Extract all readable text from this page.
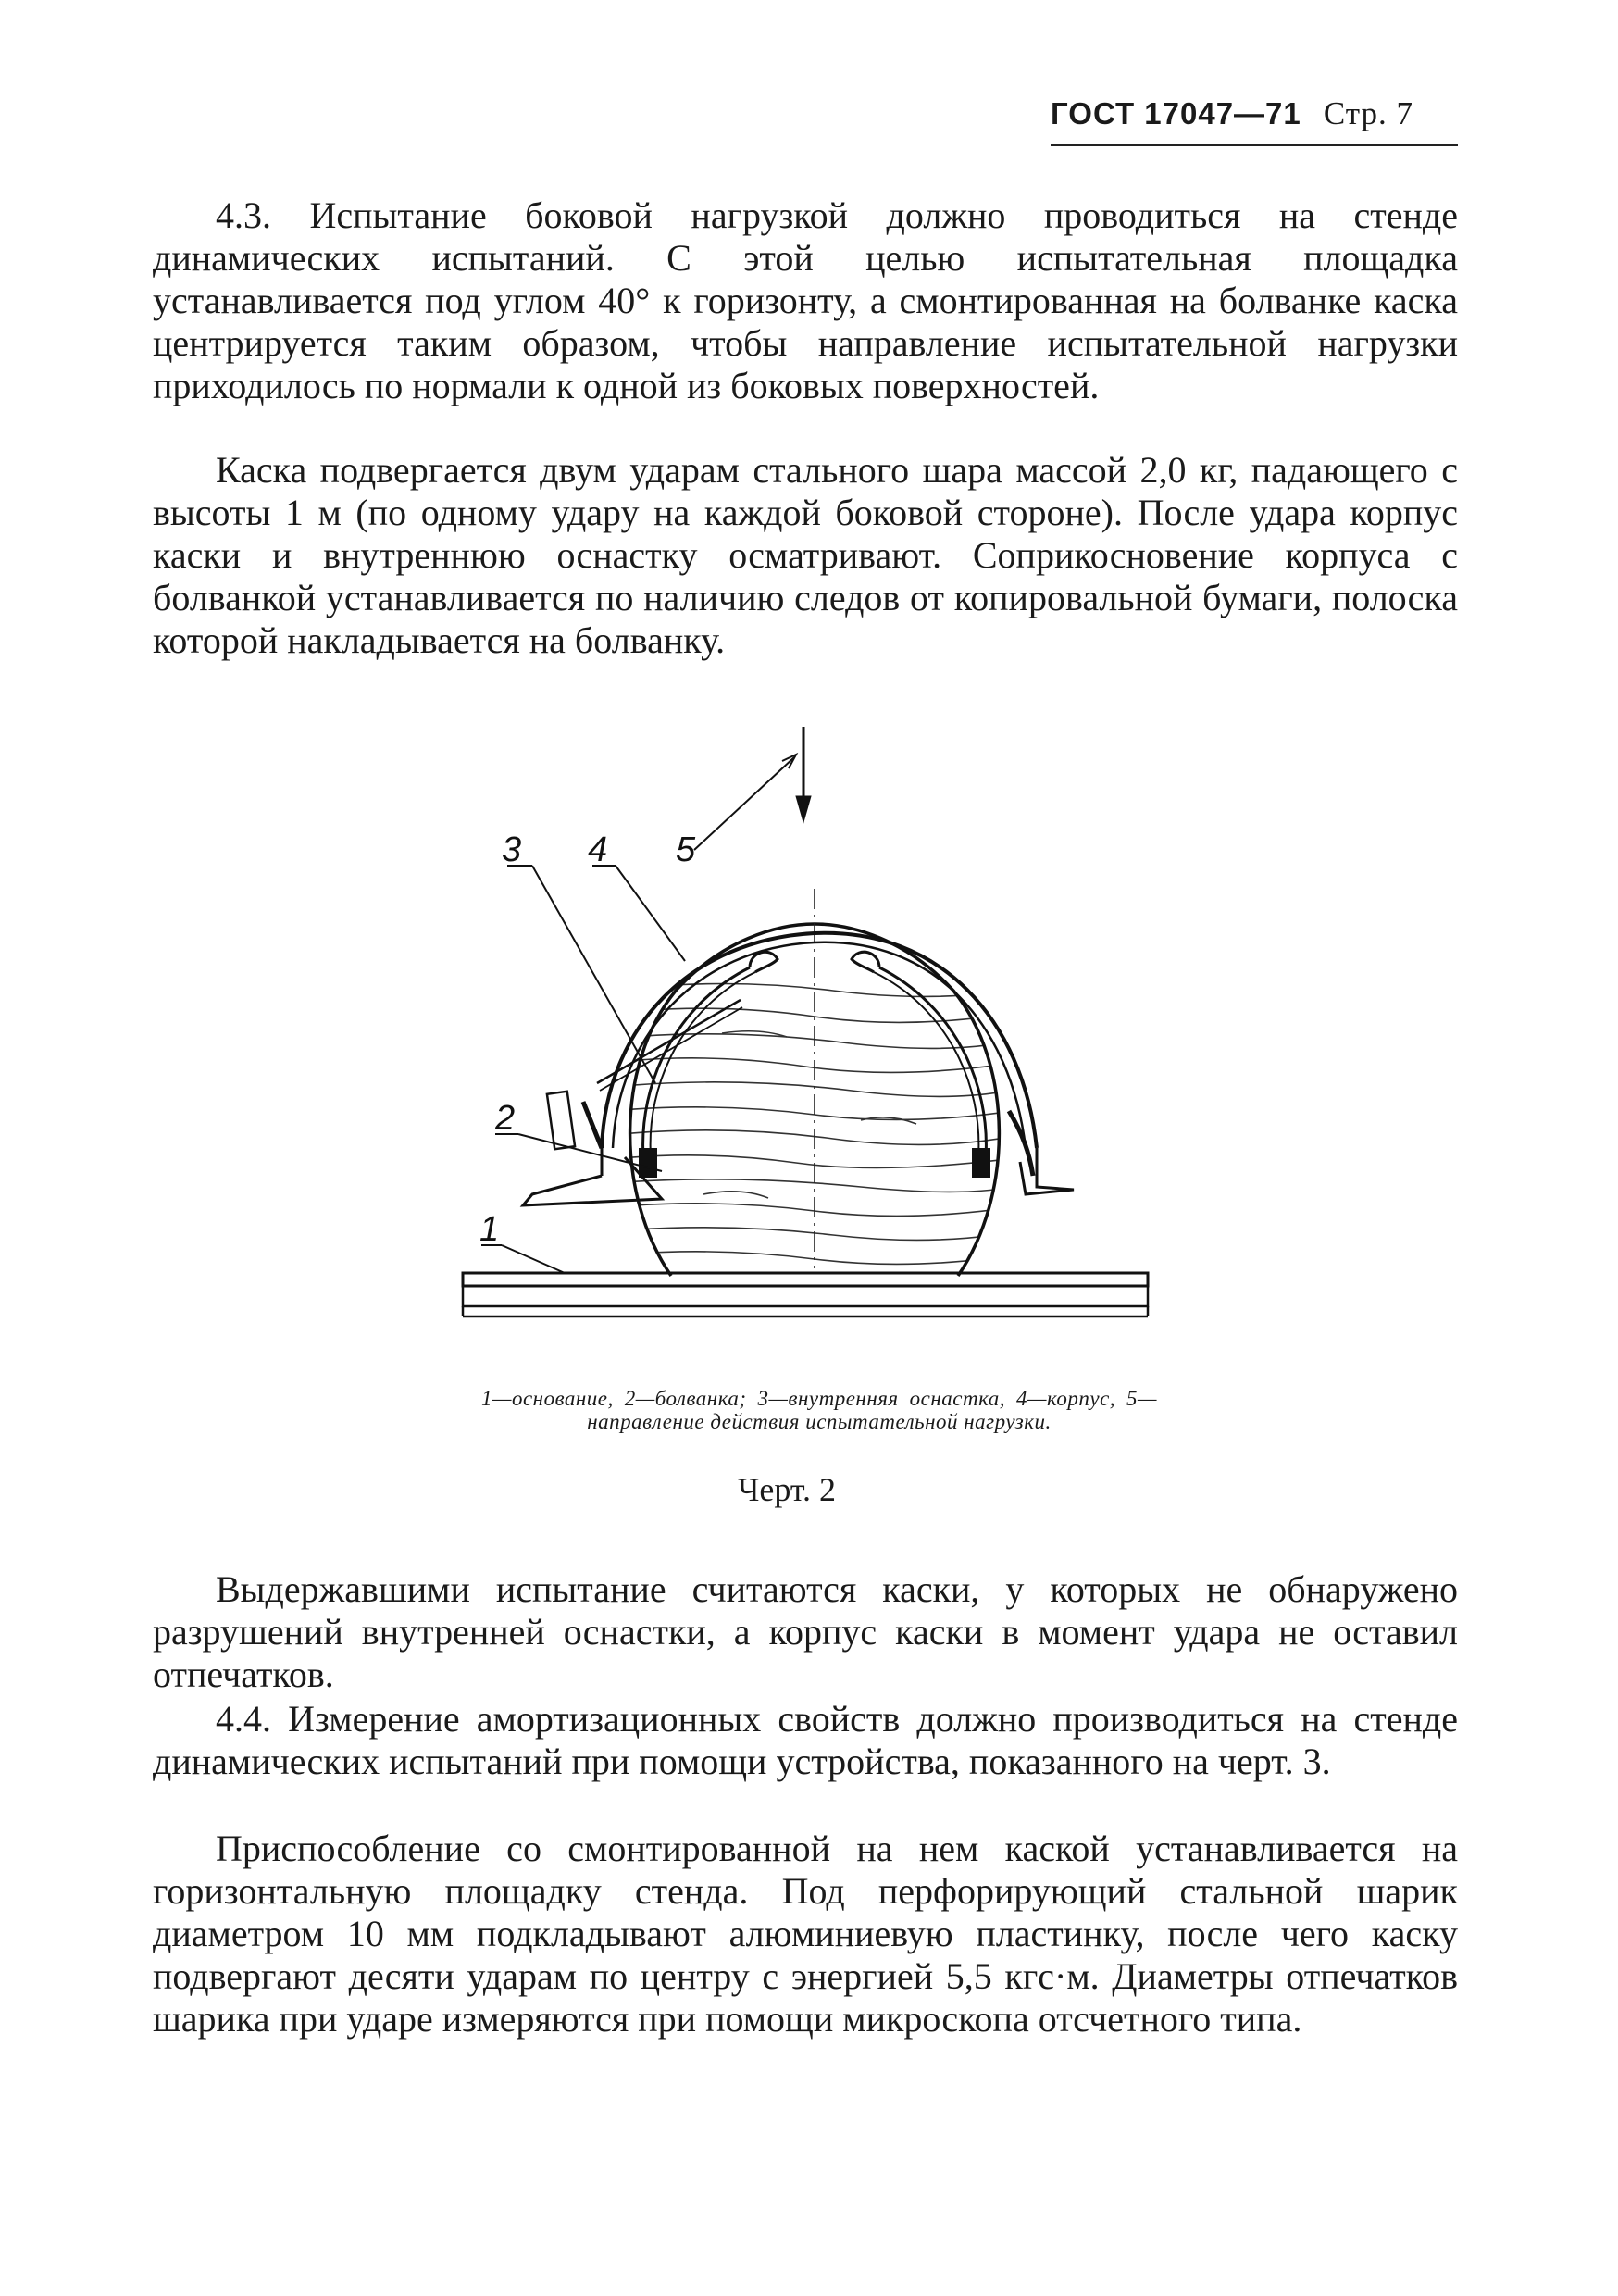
ГОСТ 17047—71 Стр. 7

4.3. Испытание боковой нагрузкой должно проводиться на стенде динамических испытаний. С этой целью испытательная площадка устанавливается под углом 40° к горизонту, а смонтированная на болванке каска центрируется таким образом, чтобы направление испытательной нагрузки приходилось по нормали к одной из боковых поверхностей.

Каска подвергается двум ударам стального шара массой 2,0 кг, падающего с высоты 1 м (по одному удару на каждой боковой стороне). После удара корпус каски и внутреннюю оснастку осматривают. Соприкосновение корпуса с болванкой устанавливается по наличию следов от копировальной бумаги, полоска которой накладывается на болванку.

3 4 5
2
1
1—основание, 2—болванка; 3—внутренняя оснастка, 4—корпус, 5—направление действия испытательной нагрузки.
Черт. 2

Выдержавшими испытание считаются каски, у которых не обнаружено разрушений внутренней оснастки, а корпус каски в момент удара не оставил отпечатков.

4.4. Измерение амортизационных свойств должно производиться на стенде динамических испытаний при помощи устройства, показанного на черт. 3.

Приспособление со смонтированной на нем каской устанавливается на горизонтальную площадку стенда. Под перфорирующий стальной шарик диаметром 10 мм подкладывают алюминиевую пластинку, после чего каску подвергают десяти ударам по центру с энергией 5,5 кгс·м. Диаметры отпечатков шарика при ударе измеряются при помощи микроскопа отсчетного типа.
